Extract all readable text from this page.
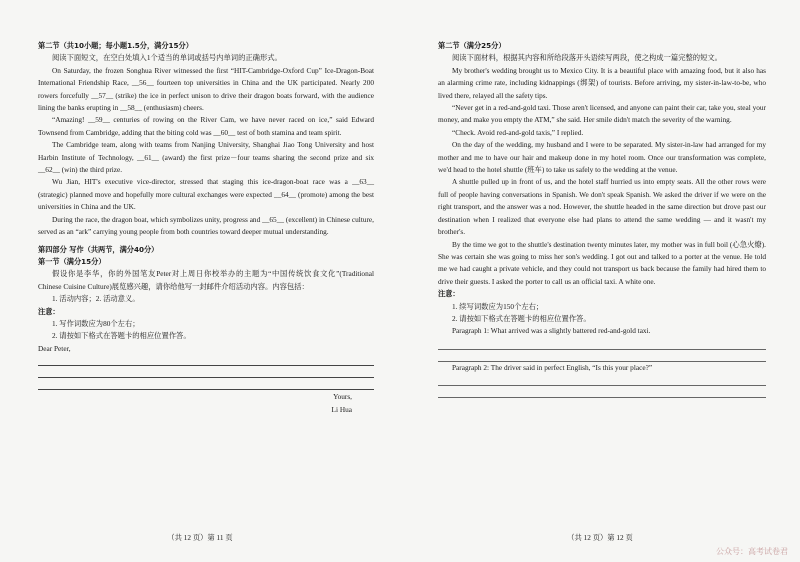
第二节（共10小题；每小题1.5分，满分15分）

阅读下面短文，在空白处填入1个适当的单词或括号内单词的正确形式。

On Saturday, the frozen Songhua River witnessed the first “HIT-Cambridge-Oxford Cup” Ice-Dragon-Boat International Friendship Race, __56__ fourteen top universities in China and the UK participated. Nearly 200 rowers forcefully __57__ (strike) the ice in perfect unison to drive their dragon boats forward, with the audience lining the banks erupting in __58__ (enthusiasm) cheers.

“Amazing! __59__ centuries of rowing on the River Cam, we have never raced on ice,” said Edward Townsend from Cambridge, adding that the biting cold was __60__ test of both stamina and team spirit.

The Cambridge team, along with teams from Nanjing University, Shanghai Jiao Tong University and host Harbin Institute of Technology, __61__ (award) the first prize－four teams sharing the second prize and six __62__ (win) the third prize.

Wu Jian, HIT's executive vice-director, stressed that staging this ice-dragon-boat race was a __63__ (strategic) planned move and hopefully more cultural exchanges were expected __64__ (promote) among the best universities in China and the UK.

During the race, the dragon boat, which symbolizes unity, progress and __65__ (excellent) in Chinese culture, served as an “ark” carrying young people from both countries toward deeper mutual understanding.

第四部分 写作（共两节，满分40分）

第一节（满分15分）

假设你是李华，你的外国笔友Peter对上周日你校举办的主题为“中国传统饮食文化”(Traditional Chinese Cuisine Culture)展览感兴趣，请你给他写一封邮件介绍活动内容。内容包括：

1. 活动内容；2. 活动意义。

注意：

1. 写作词数应为80个左右；

2. 请按如下格式在答题卡的相应位置作答。

Dear Peter,

Yours,

Li Hua

（共 12 页）第 11 页

第二节（满分25分）

阅读下面材料，根据其内容和所给段落开头语续写两段，使之构成一篇完整的短文。

My brother's wedding brought us to Mexico City. It is a beautiful place with amazing food, but it also has an alarming crime rate, including kidnappings (绑架) of tourists. Before arriving, my sister-in-law-to-be, who lived there, relayed all the safety tips.

“Never get in a red-and-gold taxi. Those aren't licensed, and anyone can paint their car, take you, steal your money, and make you empty the ATM,” she said. Her smile didn't match the severity of the warning.

“Check. Avoid red-and-gold taxis,” I replied.

On the day of the wedding, my husband and I were to be separated. My sister-in-law had arranged for my mother and me to have our hair and makeup done in my hotel room. Once our transformation was complete, we'd head to the hotel shuttle (班车) to take us safely to the wedding at the venue.

A shuttle pulled up in front of us, and the hotel staff hurried us into empty seats. All the other rows were full of people having conversations in Spanish. We don't speak Spanish. We asked the driver if we were on the right transport, and the answer was a nod. However, the shuttle headed in the same direction but drove past our destination when I realized that everyone else had plans to attend the same wedding — and it wasn't my brother's.

By the time we got to the shuttle's destination twenty minutes later, my mother was in full boil (心急火燎). She was certain she was going to miss her son's wedding. I got out and talked to a porter at the venue. He told me we had caught a private vehicle, and they could not transport us back because the family had hired them to drive their guests. I asked the porter to call us an official taxi. A white one.

注意：

1. 续写词数应为150个左右；

2. 请按如下格式在答题卡的相应位置作答。

Paragraph 1: What arrived was a slightly battered red-and-gold taxi.

Paragraph 2: The driver said in perfect English, “Is this your place?”

（共 12 页）第 12 页
公众号：高考试卷君
